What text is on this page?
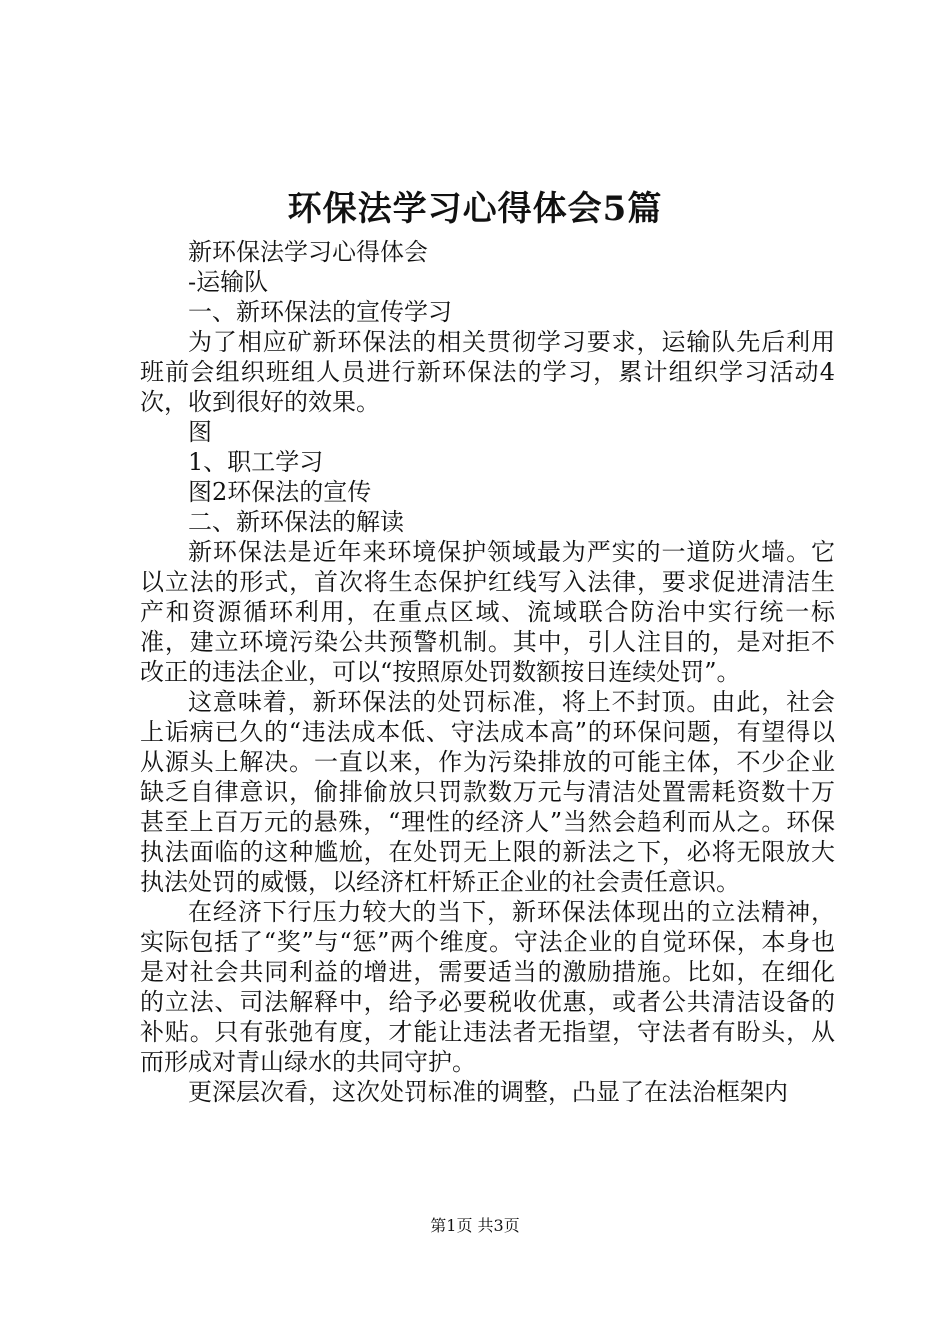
环保法学习心得体会5篇

新环保法学习心得体会

-运输队

一、新环保法的宣传学习

为了相应矿新环保法的相关贯彻学习要求，运输队先后利用班前会组织班组人员进行新环保法的学习，累计组织学习活动4次，收到很好的效果。

图

1、职工学习

图2环保法的宣传

二、新环保法的解读

新环保法是近年来环境保护领域最为严实的一道防火墙。它以立法的形式，首次将生态保护红线写入法律，要求促进清洁生产和资源循环利用，在重点区域、流域联合防治中实行统一标准，建立环境污染公共预警机制。其中，引人注目的，是对拒不改正的违法企业，可以“按照原处罚数额按日连续处罚”。

这意味着，新环保法的处罚标准，将上不封顶。由此，社会上诟病已久的“违法成本低、守法成本高”的环保问题，有望得以从源头上解决。一直以来，作为污染排放的可能主体，不少企业缺乏自律意识，偷排偷放只罚款数万元与清洁处置需耗资数十万甚至上百万元的悬殊，“理性的经济人”当然会趋利而从之。环保执法面临的这种尴尬，在处罚无上限的新法之下，必将无限放大执法处罚的威慑，以经济杠杆矫正企业的社会责任意识。

在经济下行压力较大的当下，新环保法体现出的立法精神，实际包括了“奖”与“惩”两个维度。守法企业的自觉环保，本身也是对社会共同利益的增进，需要适当的激励措施。比如，在细化的立法、司法解释中，给予必要税收优惠，或者公共清洁设备的补贴。只有张弛有度，才能让违法者无指望，守法者有盼头，从而形成对青山绿水的共同守护。

更深层次看，这次处罚标准的调整，凸显了在法治框架内

第1页 共3页
